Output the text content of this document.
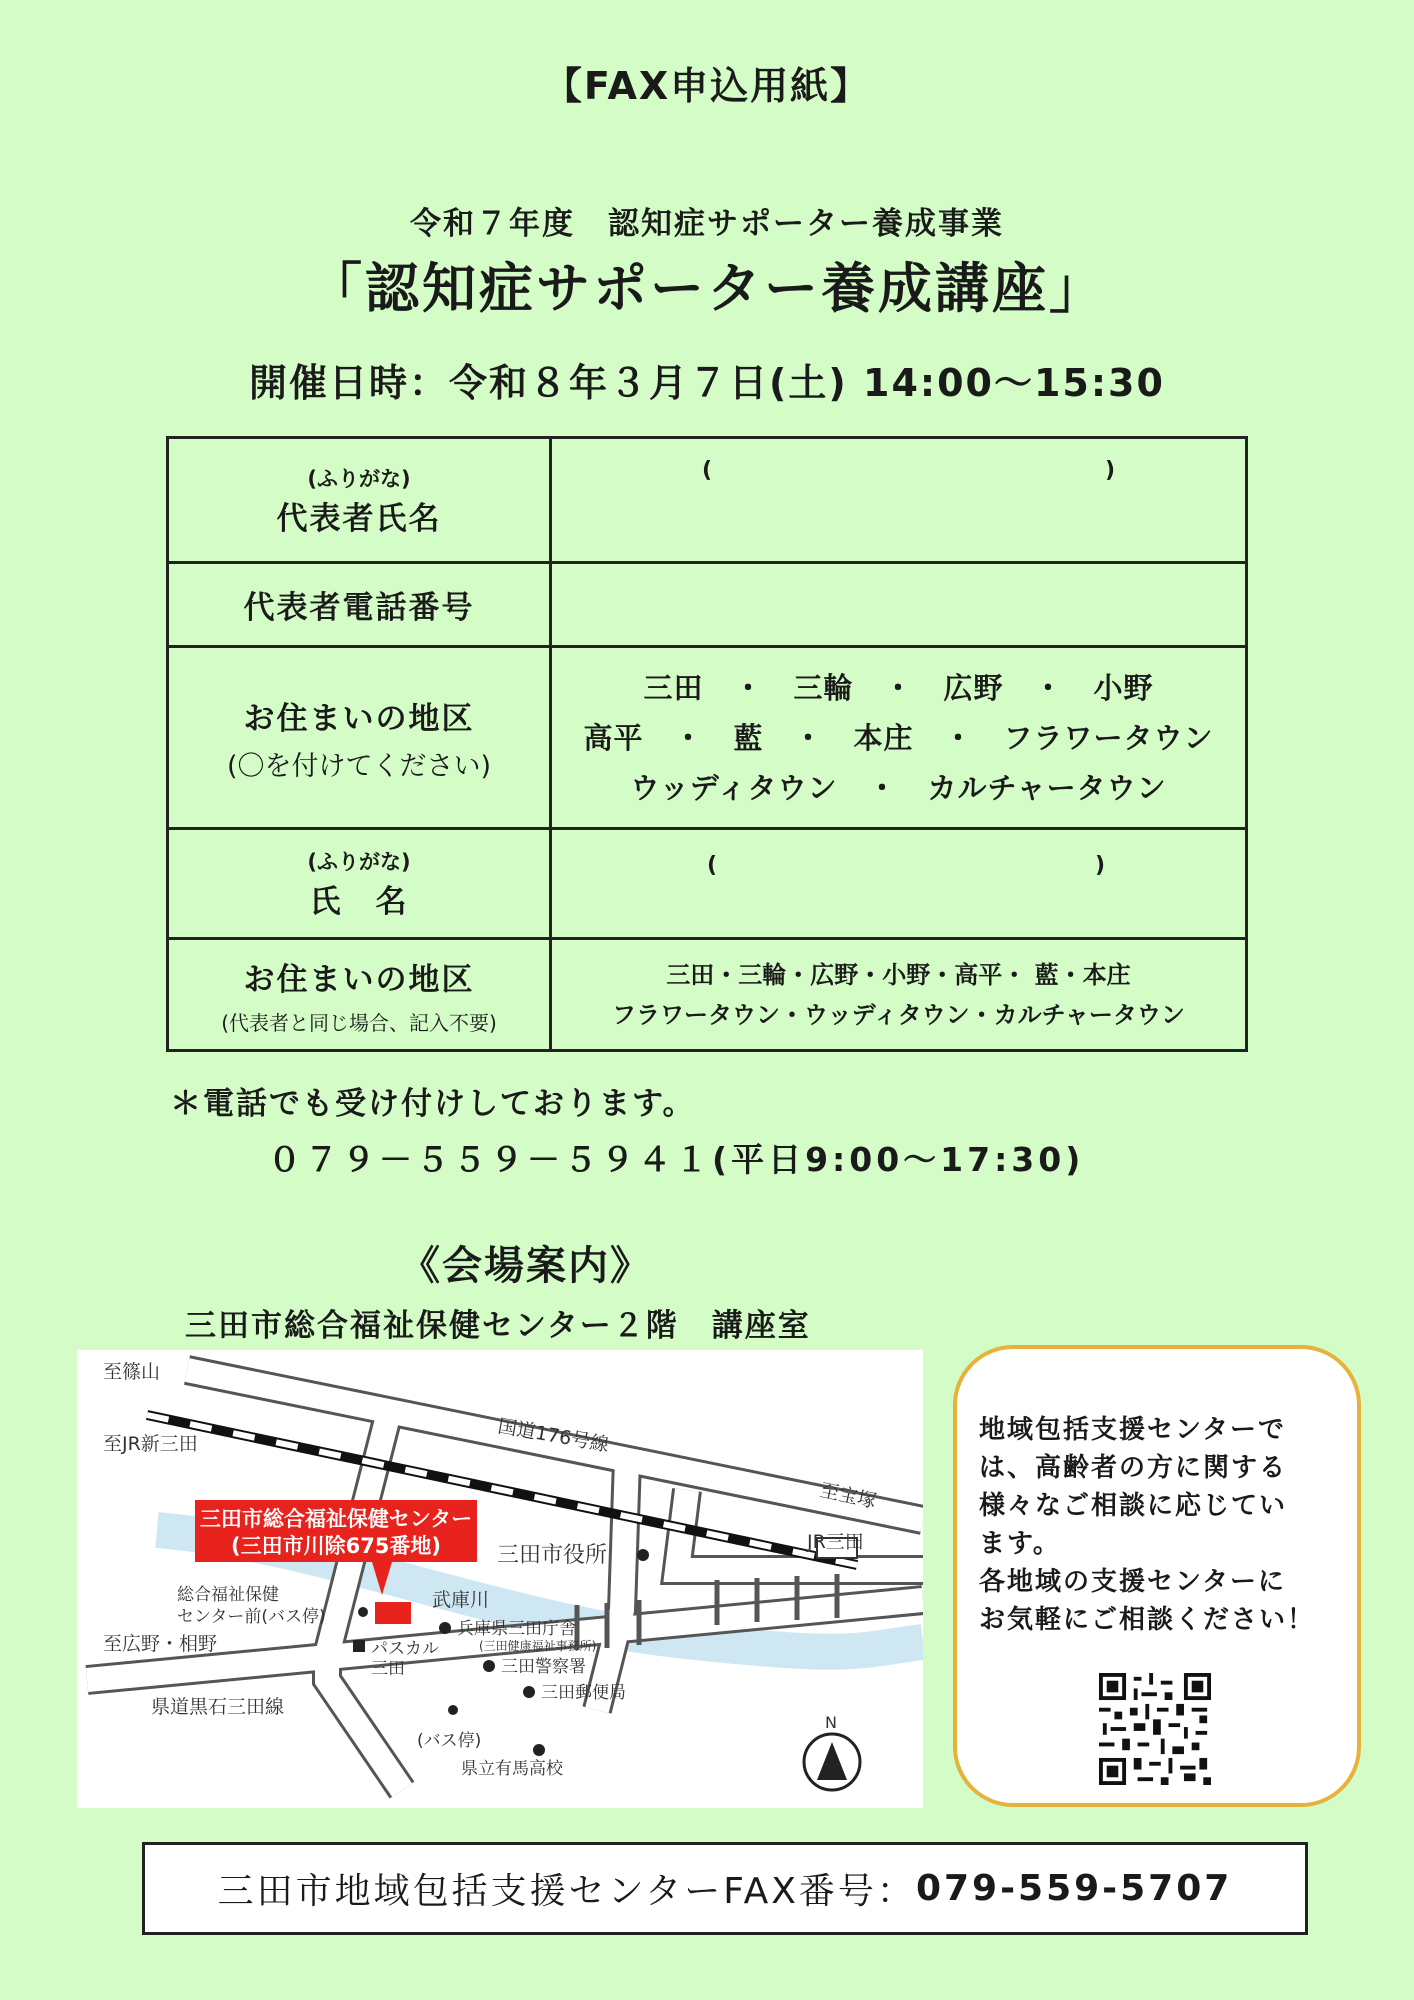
【FAX申込用紙】
令和７年度　認知症サポーター養成事業
「認知症サポーター養成講座」
開催日時：令和８年３月７日(土) 14:00～15:30
(ふりがな)
代表者氏名	( )

代表者電話番号	

お住まいの地区
(〇を付けてください)	三田　・　三輪　・　広野　・　小野
高平　・　藍　・　本庄　・　フラワータウン
ウッディタウン　・　カルチャータウン

(ふりがな)
氏　名	( )

お住まいの地区
(代表者と同じ場合、記入不要)	三田・三輪・広野・小野・高平・ 藍・本庄
フラワータウン・ウッディタウン・カルチャータウン
＊電話でも受け付けしております。
０７９－５５９－５９４１(平日9:00～17:30)
《会場案内》
三田市総合福祉保健センター２階　講座室
三田市総合福祉保健センター
(三田市川除675番地)
至篠山
至JR新三田	国道176号線
至宝塚
JR三田
三田市役所
武庫川
総合福祉保健
センター前(バス停)
兵庫県三田庁舎
(三田健康福祉事務所)
至広野・相野	パスカル
三田	三田警察署
三田郵便局
県道黒石三田線
(バス停)
県立有馬高校
N
地域包括支援センターで
は、高齢者の方に関する
様々なご相談に応じてい
ます。
各地域の支援センターに
お気軽にご相談ください！
三田市地域包括支援センターFAX番号： 079-559-5707
